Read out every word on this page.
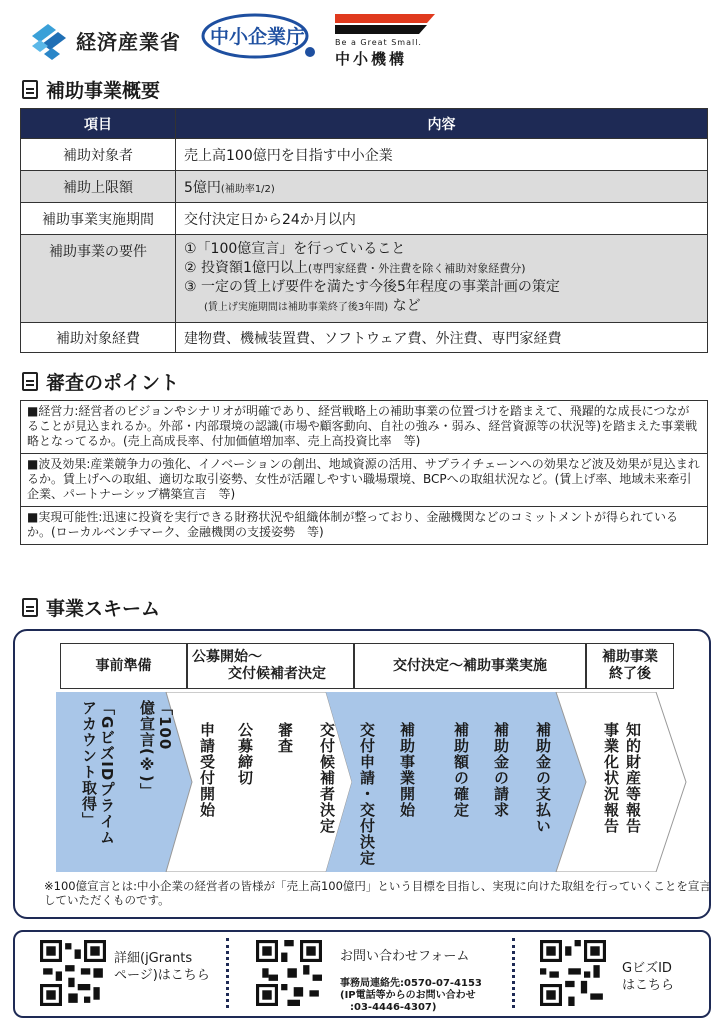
経済産業省 中小企業庁	Be a Great Small.
中小機構
補助事業概要
項目	内容
補助対象者	売上高100億円を目指す中小企業
補助上限額	5億円(補助率1/2)
補助事業実施期間	交付決定日から24か月以内
補助事業の要件	①「100億宣言」を行っていること
② 投資額1億円以上(専門家経費・外注費を除く補助対象経費分)
③ 一定の賃上げ要件を満たす今後5年程度の事業計画の策定
(賃上げ実施期間は補助事業終了後3年間) など

補助対象経費	建物費、機械装置費、ソフトウェア費、外注費、専門家経費
審査のポイント
■経営力:経営者のビジョンやシナリオが明確であり、経営戦略上の補助事業の位置づけを踏まえて、飛躍的な成長につながることが見込まれるか。外部・内部環境の認識(市場や顧客動向、自社の強み・弱み、経営資源等の状況等)を踏まえた事業戦略となってるか。(売上高成長率、付加価値増加率、売上高投資比率　等)
■波及効果:産業競争力の強化、イノベーションの創出、地域資源の活用、サプライチェーンへの効果など波及効果が見込まれるか。賃上げへの取組、適切な取引姿勢、女性が活躍しやすい職場環境、BCPへの取組状況など。(賃上げ率、地域未来牽引企業、パートナーシップ構築宣言　等)
■実現可能性:迅速に投資を実行できる財務状況や組織体制が整っており、金融機関などのコミットメントが得られているか。(ローカルベンチマーク、金融機関の支援姿勢　等)
事業スキーム
事前準備
公募開始〜
交付候補者決定
交付決定〜補助事業実施
補助事業
終了後
「GビズIDプライム
アカウント取得」	「100
億宣言(※)」	申請受付開始 公募締切 審査 交付候補者決定 交付申請・交付決定 補助事業開始 補助額の確定 補助金の請求 補助金の支払い	知的財産等報告
事業化状況報告
※100億宣言とは:中小企業の経営者の皆様が「売上高100億円」という目標を目指し、実現に向けた取組を行っていくことを宣言していただくものです。
詳細(jGrants
ページ)はこちら
お問い合わせフォーム
事務局連絡先:0570-07-4153
(IP電話等からのお問い合わせ
:03-4446-4307)
GビズID
はこちら
